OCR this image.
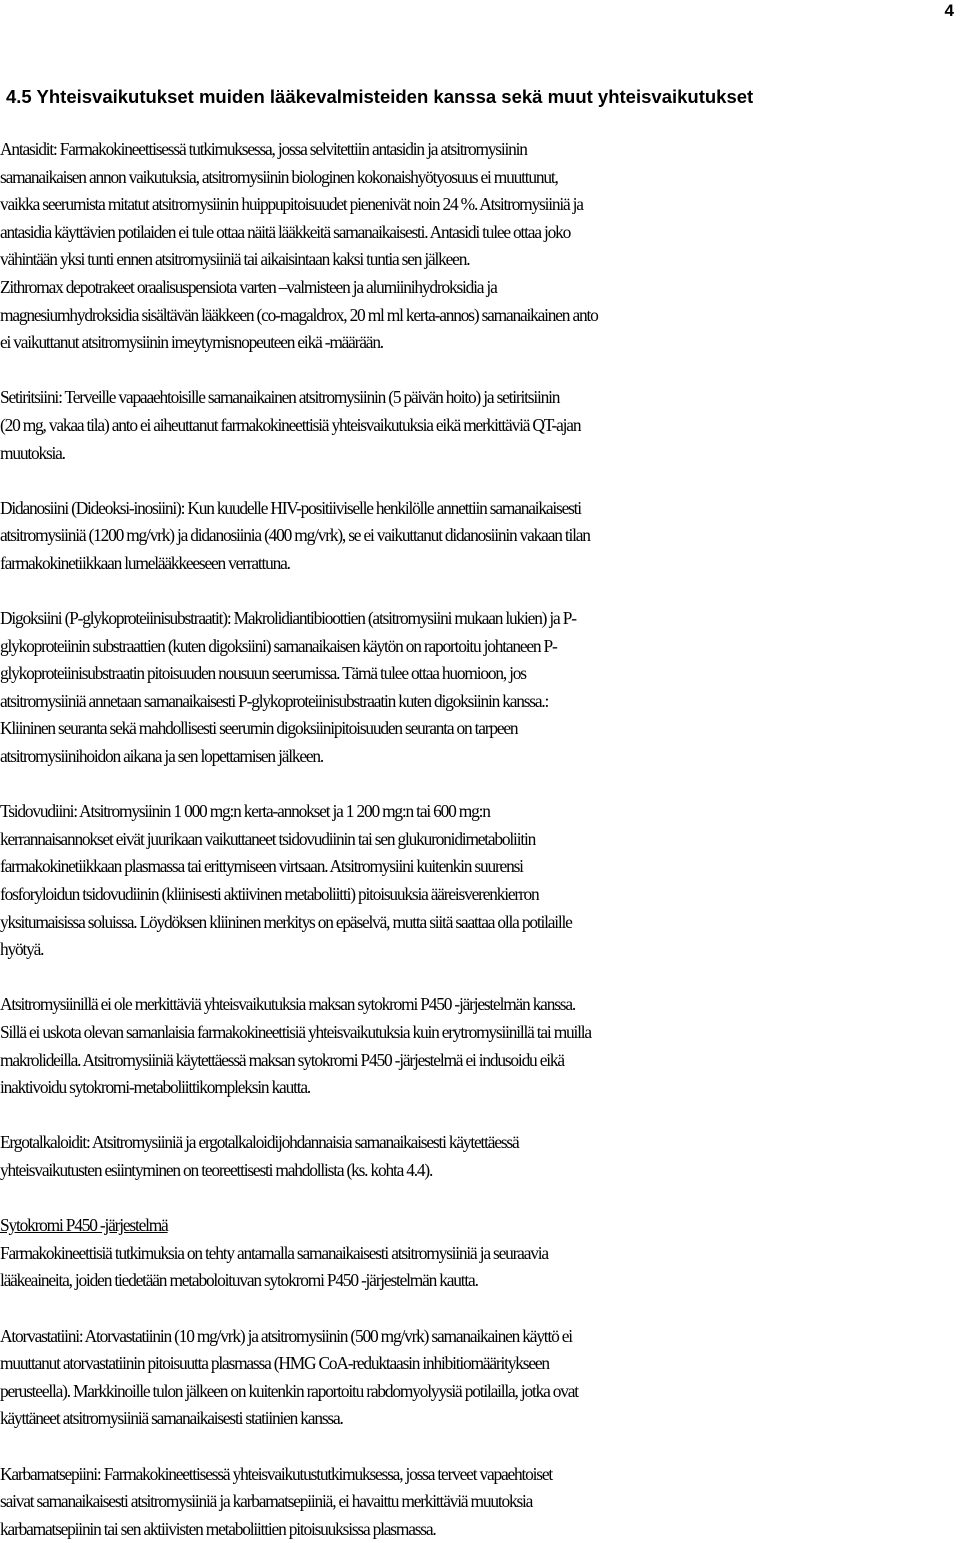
4
4.5 Yhteisvaikutukset muiden lääkevalmisteiden kanssa sekä muut yhteisvaikutukset
Antasidit: Farmakokineettisessä tutkimuksessa, jossa selvitettiin antasidin ja atsitromysiinin
samanaikaisen annon vaikutuksia, atsitromysiinin biologinen kokonaishyötyosuus ei muuttunut,
vaikka seerumista mitatut atsitromysiinin huippupitoisuudet pienenivät noin 24 %. Atsitromysiiniä ja
antasidia käyttävien potilaiden ei tule ottaa näitä lääkkeitä samanaikaisesti. Antasidi tulee ottaa joko
vähintään yksi tunti ennen atsitromysiiniä tai aikaisintaan kaksi tuntia sen jälkeen.
Zithromax depotrakeet oraalisuspensiota varten –valmisteen ja alumiinihydroksidia ja
magnesiumhydroksidia sisältävän lääkkeen (co-magaldrox, 20 ml ml kerta-annos) samanaikainen anto
ei vaikuttanut atsitromysiinin imeytymisnopeuteen eikä -määrään.
Setiritsiini: Terveille vapaaehtoisille samanaikainen atsitromysiinin (5 päivän hoito) ja setiritsiinin
(20 mg, vakaa tila) anto ei aiheuttanut farmakokineettisiä yhteisvaikutuksia eikä merkittäviä QT-ajan
muutoksia.
Didanosiini (Dideoksi-inosiini): Kun kuudelle HIV-positiiviselle henkilölle annettiin samanaikaisesti
atsitromysiiniä (1200 mg/vrk) ja didanosiinia (400 mg/vrk), se ei vaikuttanut didanosiinin vakaan tilan
farmakokinetiikkaan lumelääkkeeseen verrattuna.
Digoksiini (P-glykoproteiinisubstraatit): Makrolidiantibioottien (atsitromysiini mukaan lukien) ja P-
glykoproteiinin substraattien (kuten digoksiini) samanaikaisen käytön on raportoitu johtaneen P-
glykoproteiinisubstraatin pitoisuuden nousuun seerumissa. Tämä tulee ottaa huomioon, jos
atsitromysiiniä annetaan samanaikaisesti P-glykoproteiinisubstraatin kuten digoksiinin kanssa.:
Kliininen seuranta sekä mahdollisesti seerumin digoksiinipitoisuuden seuranta on tarpeen
atsitromysiinihoidon aikana ja sen lopettamisen jälkeen.
Tsidovudiini: Atsitromysiinin 1 000 mg:n kerta-annokset ja 1 200 mg:n tai 600 mg:n
kerrannaisannokset eivät juurikaan vaikuttaneet tsidovudiinin tai sen glukuronidimetaboliitin
farmakokinetiikkaan plasmassa tai erittymiseen virtsaan. Atsitromysiini kuitenkin suurensi
fosforyloidun tsidovudiinin (kliinisesti aktiivinen metaboliitti) pitoisuuksia ääreisverenkierron
yksitumaisissa soluissa. Löydöksen kliininen merkitys on epäselvä, mutta siitä saattaa olla potilaille
hyötyä.
Atsitromysiinillä ei ole merkittäviä yhteisvaikutuksia maksan sytokromi P450 -järjestelmän kanssa.
Sillä ei uskota olevan samanlaisia farmakokineettisiä yhteisvaikutuksia kuin erytromysiinillä tai muilla
makrolideilla. Atsitromysiiniä käytettäessä maksan sytokromi P450 -järjestelmä ei indusoidu eikä
inaktivoidu sytokromi-metaboliittikompleksin kautta.
Ergotalkaloidit: Atsitromysiiniä ja ergotalkaloidijohdannaisia samanaikaisesti käytettäessä
yhteisvaikutusten esiintyminen on teoreettisesti mahdollista (ks. kohta 4.4).
Sytokromi P450 -järjestelmä
Farmakokineettisiä tutkimuksia on tehty antamalla samanaikaisesti atsitromysiiniä ja seuraavia
lääkeaineita, joiden tiedetään metaboloituvan sytokromi P450 -järjestelmän kautta.
Atorvastatiini: Atorvastatiinin (10 mg/vrk) ja atsitromysiinin (500 mg/vrk) samanaikainen käyttö ei
muuttanut atorvastatiinin pitoisuutta plasmassa (HMG CoA-reduktaasin inhibitiomääritykseen
perusteella). Markkinoille tulon jälkeen on kuitenkin raportoitu rabdomyolyysiä potilailla, jotka ovat
käyttäneet atsitromysiiniä samanaikaisesti statiinien kanssa.
Karbamatsepiini: Farmakokineettisessä yhteisvaikutustutkimuksessa, jossa terveet vapaehtoiset
saivat samanaikaisesti atsitromysiiniä ja karbamatsepiiniä, ei havaittu merkittäviä muutoksia
karbamatsepiinin tai sen aktiivisten metaboliittien pitoisuuksissa plasmassa.
